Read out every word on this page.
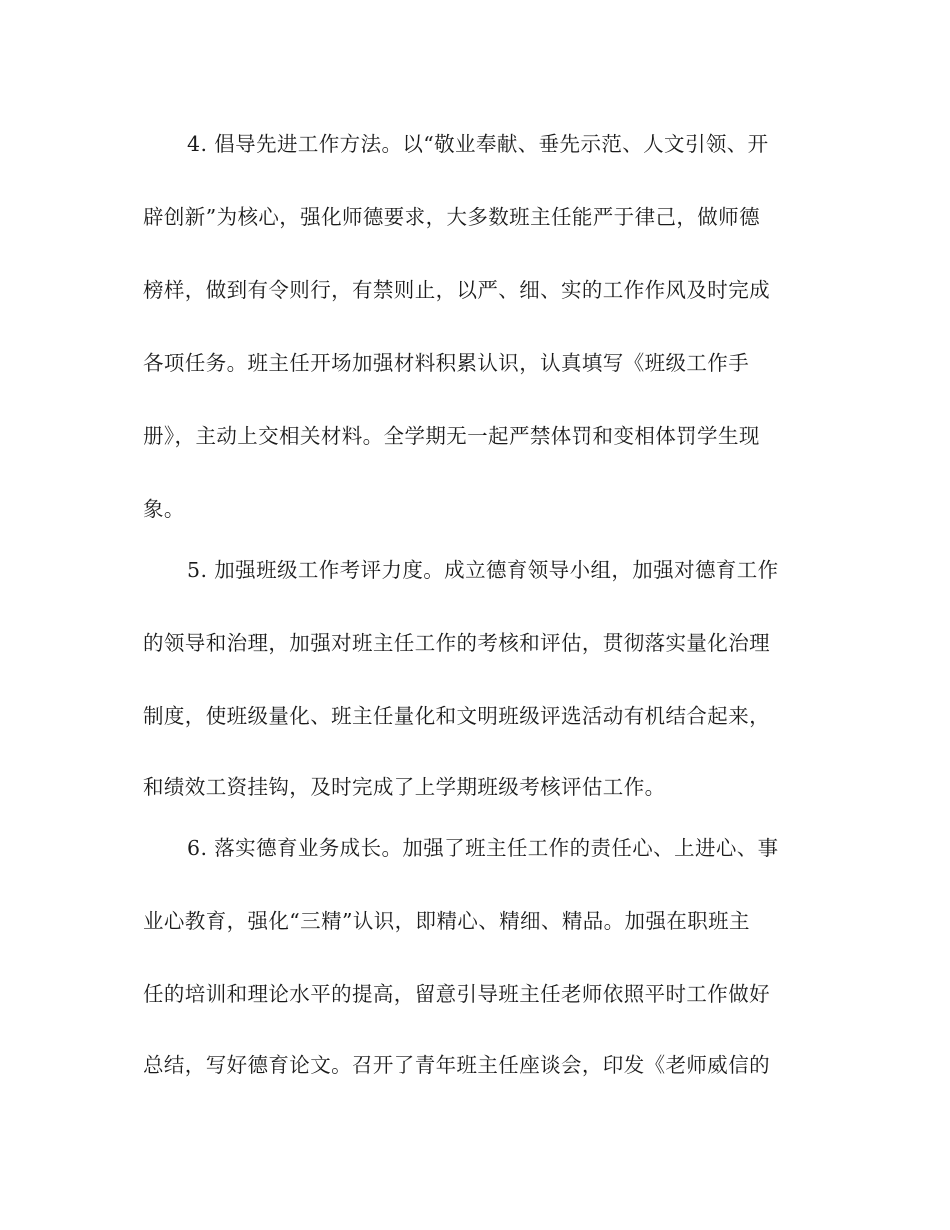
4. 倡导先进工作方法。以“敬业奉献、垂先示范、人文引领、开
辟创新”为核心，强化师德要求，大多数班主任能严于律己，做师德
榜样，做到有令则行，有禁则止，以严、细、实的工作作风及时完成
各项任务。班主任开场加强材料积累认识，认真填写《班级工作手
册》，主动上交相关材料。全学期无一起严禁体罚和变相体罚学生现
象。
5. 加强班级工作考评力度。成立德育领导小组，加强对德育工作
的领导和治理，加强对班主任工作的考核和评估，贯彻落实量化治理
制度，使班级量化、班主任量化和文明班级评选活动有机结合起来，
和绩效工资挂钩，及时完成了上学期班级考核评估工作。
6. 落实德育业务成长。加强了班主任工作的责任心、上进心、事
业心教育，强化“三精”认识，即精心、精细、精品。加强在职班主
任的培训和理论水平的提高，留意引导班主任老师依照平时工作做好
总结，写好德育论文。召开了青年班主任座谈会，印发《老师威信的
